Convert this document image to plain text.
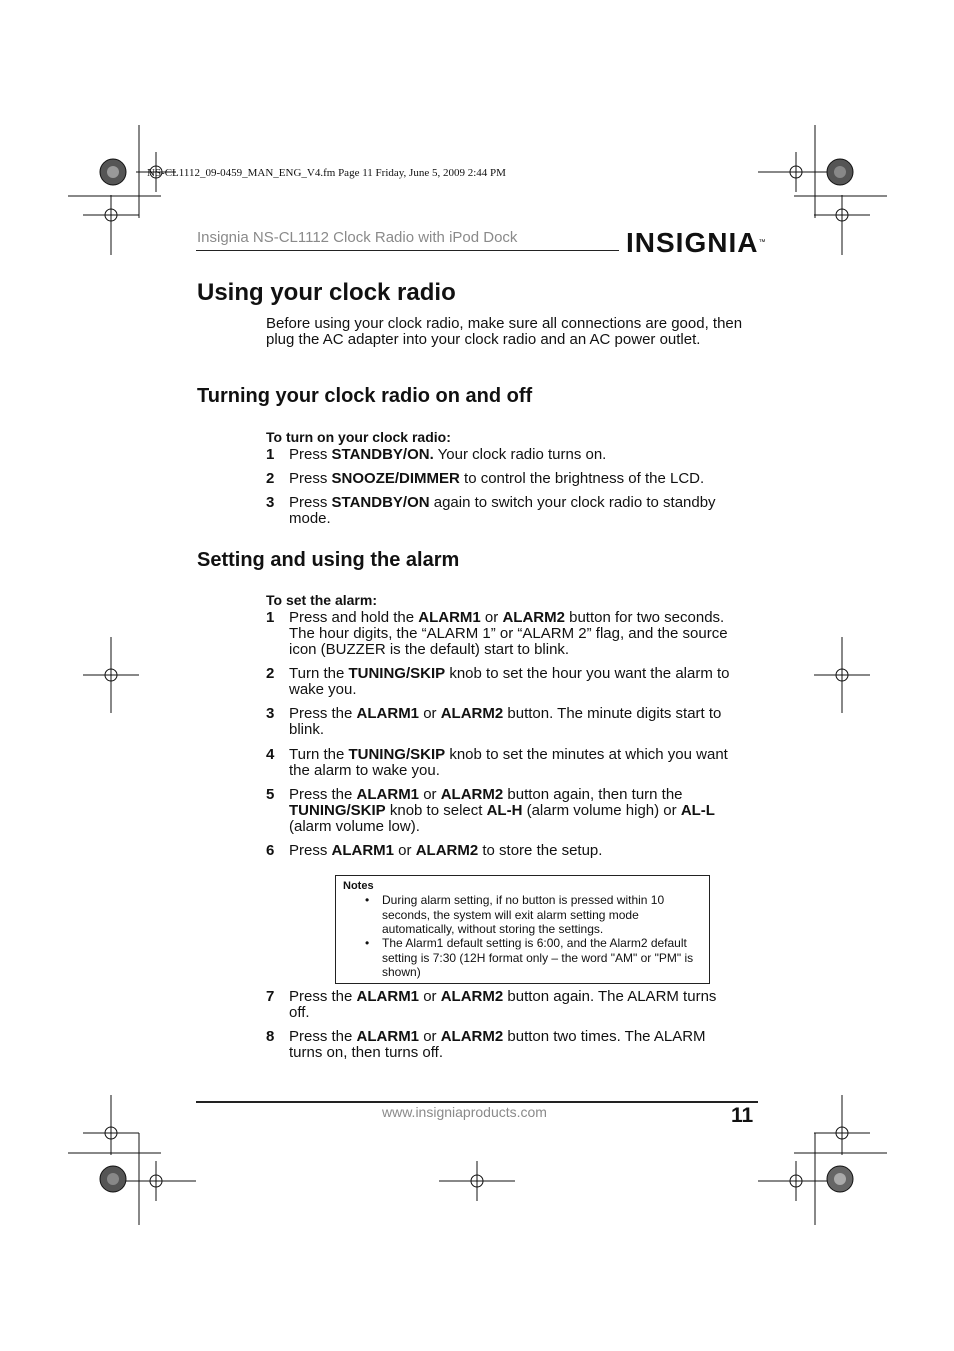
NS-CL1112_09-0459_MAN_ENG_V4.fm Page 11 Friday, June 5, 2009 2:44 PM
Insignia NS-CL1112 Clock Radio with iPod Dock	INSIGNIA™
Using your clock radio
Before using your clock radio, make sure all connections are good, then plug the AC adapter into your clock radio and an AC power outlet.
Turning your clock radio on and off
To turn on your clock radio:
1 Press STANDBY/ON. Your clock radio turns on.
2 Press SNOOZE/DIMMER to control the brightness of the LCD.
3 Press STANDBY/ON again to switch your clock radio to standby mode.
Setting and using the alarm
To set the alarm:
1 Press and hold the ALARM1 or ALARM2 button for two seconds. The hour digits, the “ALARM 1” or “ALARM 2” flag, and the source icon (BUZZER is the default) start to blink.
2 Turn the TUNING/SKIP knob to set the hour you want the alarm to wake you.
3 Press the ALARM1 or ALARM2 button. The minute digits start to blink.
4 Turn the TUNING/SKIP knob to set the minutes at which you want the alarm to wake you.
5 Press the ALARM1 or ALARM2 button again, then turn the TUNING/SKIP knob to select AL-H (alarm volume high) or AL-L (alarm volume low).
6 Press ALARM1 or ALARM2 to store the setup.
Notes
• During alarm setting, if no button is pressed within 10 seconds, the system will exit alarm setting mode automatically, without storing the settings.
• The Alarm1 default setting is 6:00, and the Alarm2 default setting is 7:30 (12H format only – the word "AM" or "PM" is shown)
7 Press the ALARM1 or ALARM2 button again. The ALARM turns off.
8 Press the ALARM1 or ALARM2 button two times. The ALARM turns on, then turns off.
www.insigniaproducts.com	11
